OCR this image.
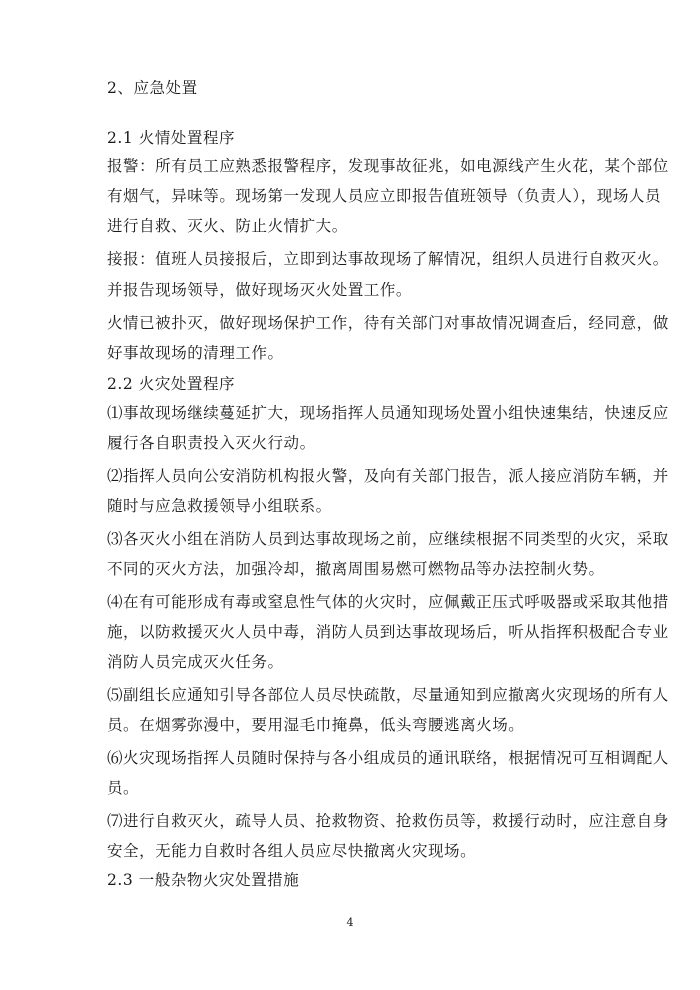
2、应急处置
2.1 火情处置程序
报警：所有员工应熟悉报警程序，发现事故征兆，如电源线产生火花，某个部位
有烟气，异味等。现场第一发现人员应立即报告值班领导（负责人），现场人员
进行自救、灭火、防止火情扩大。
接报：值班人员接报后，立即到达事故现场了解情况，组织人员进行自救灭火。
并报告现场领导，做好现场灭火处置工作。
火情已被扑灭，做好现场保护工作，待有关部门对事故情况调查后，经同意，做
好事故现场的清理工作。
2.2 火灾处置程序
⑴事故现场继续蔓延扩大，现场指挥人员通知现场处置小组快速集结，快速反应
履行各自职责投入灭火行动。
⑵指挥人员向公安消防机构报火警，及向有关部门报告，派人接应消防车辆，并
随时与应急救援领导小组联系。
⑶各灭火小组在消防人员到达事故现场之前，应继续根据不同类型的火灾，采取
不同的灭火方法，加强冷却，撤离周围易燃可燃物品等办法控制火势。
⑷在有可能形成有毒或窒息性气体的火灾时，应佩戴正压式呼吸器或采取其他措
施，以防救援灭火人员中毒，消防人员到达事故现场后，听从指挥积极配合专业
消防人员完成灭火任务。
⑸副组长应通知引导各部位人员尽快疏散，尽量通知到应撤离火灾现场的所有人
员。在烟雾弥漫中，要用湿毛巾掩鼻，低头弯腰逃离火场。
⑹火灾现场指挥人员随时保持与各小组成员的通讯联络，根据情况可互相调配人
员。
⑺进行自救灭火，疏导人员、抢救物资、抢救伤员等，救援行动时，应注意自身
安全，无能力自救时各组人员应尽快撤离火灾现场。
2.3 一般杂物火灾处置措施
4
